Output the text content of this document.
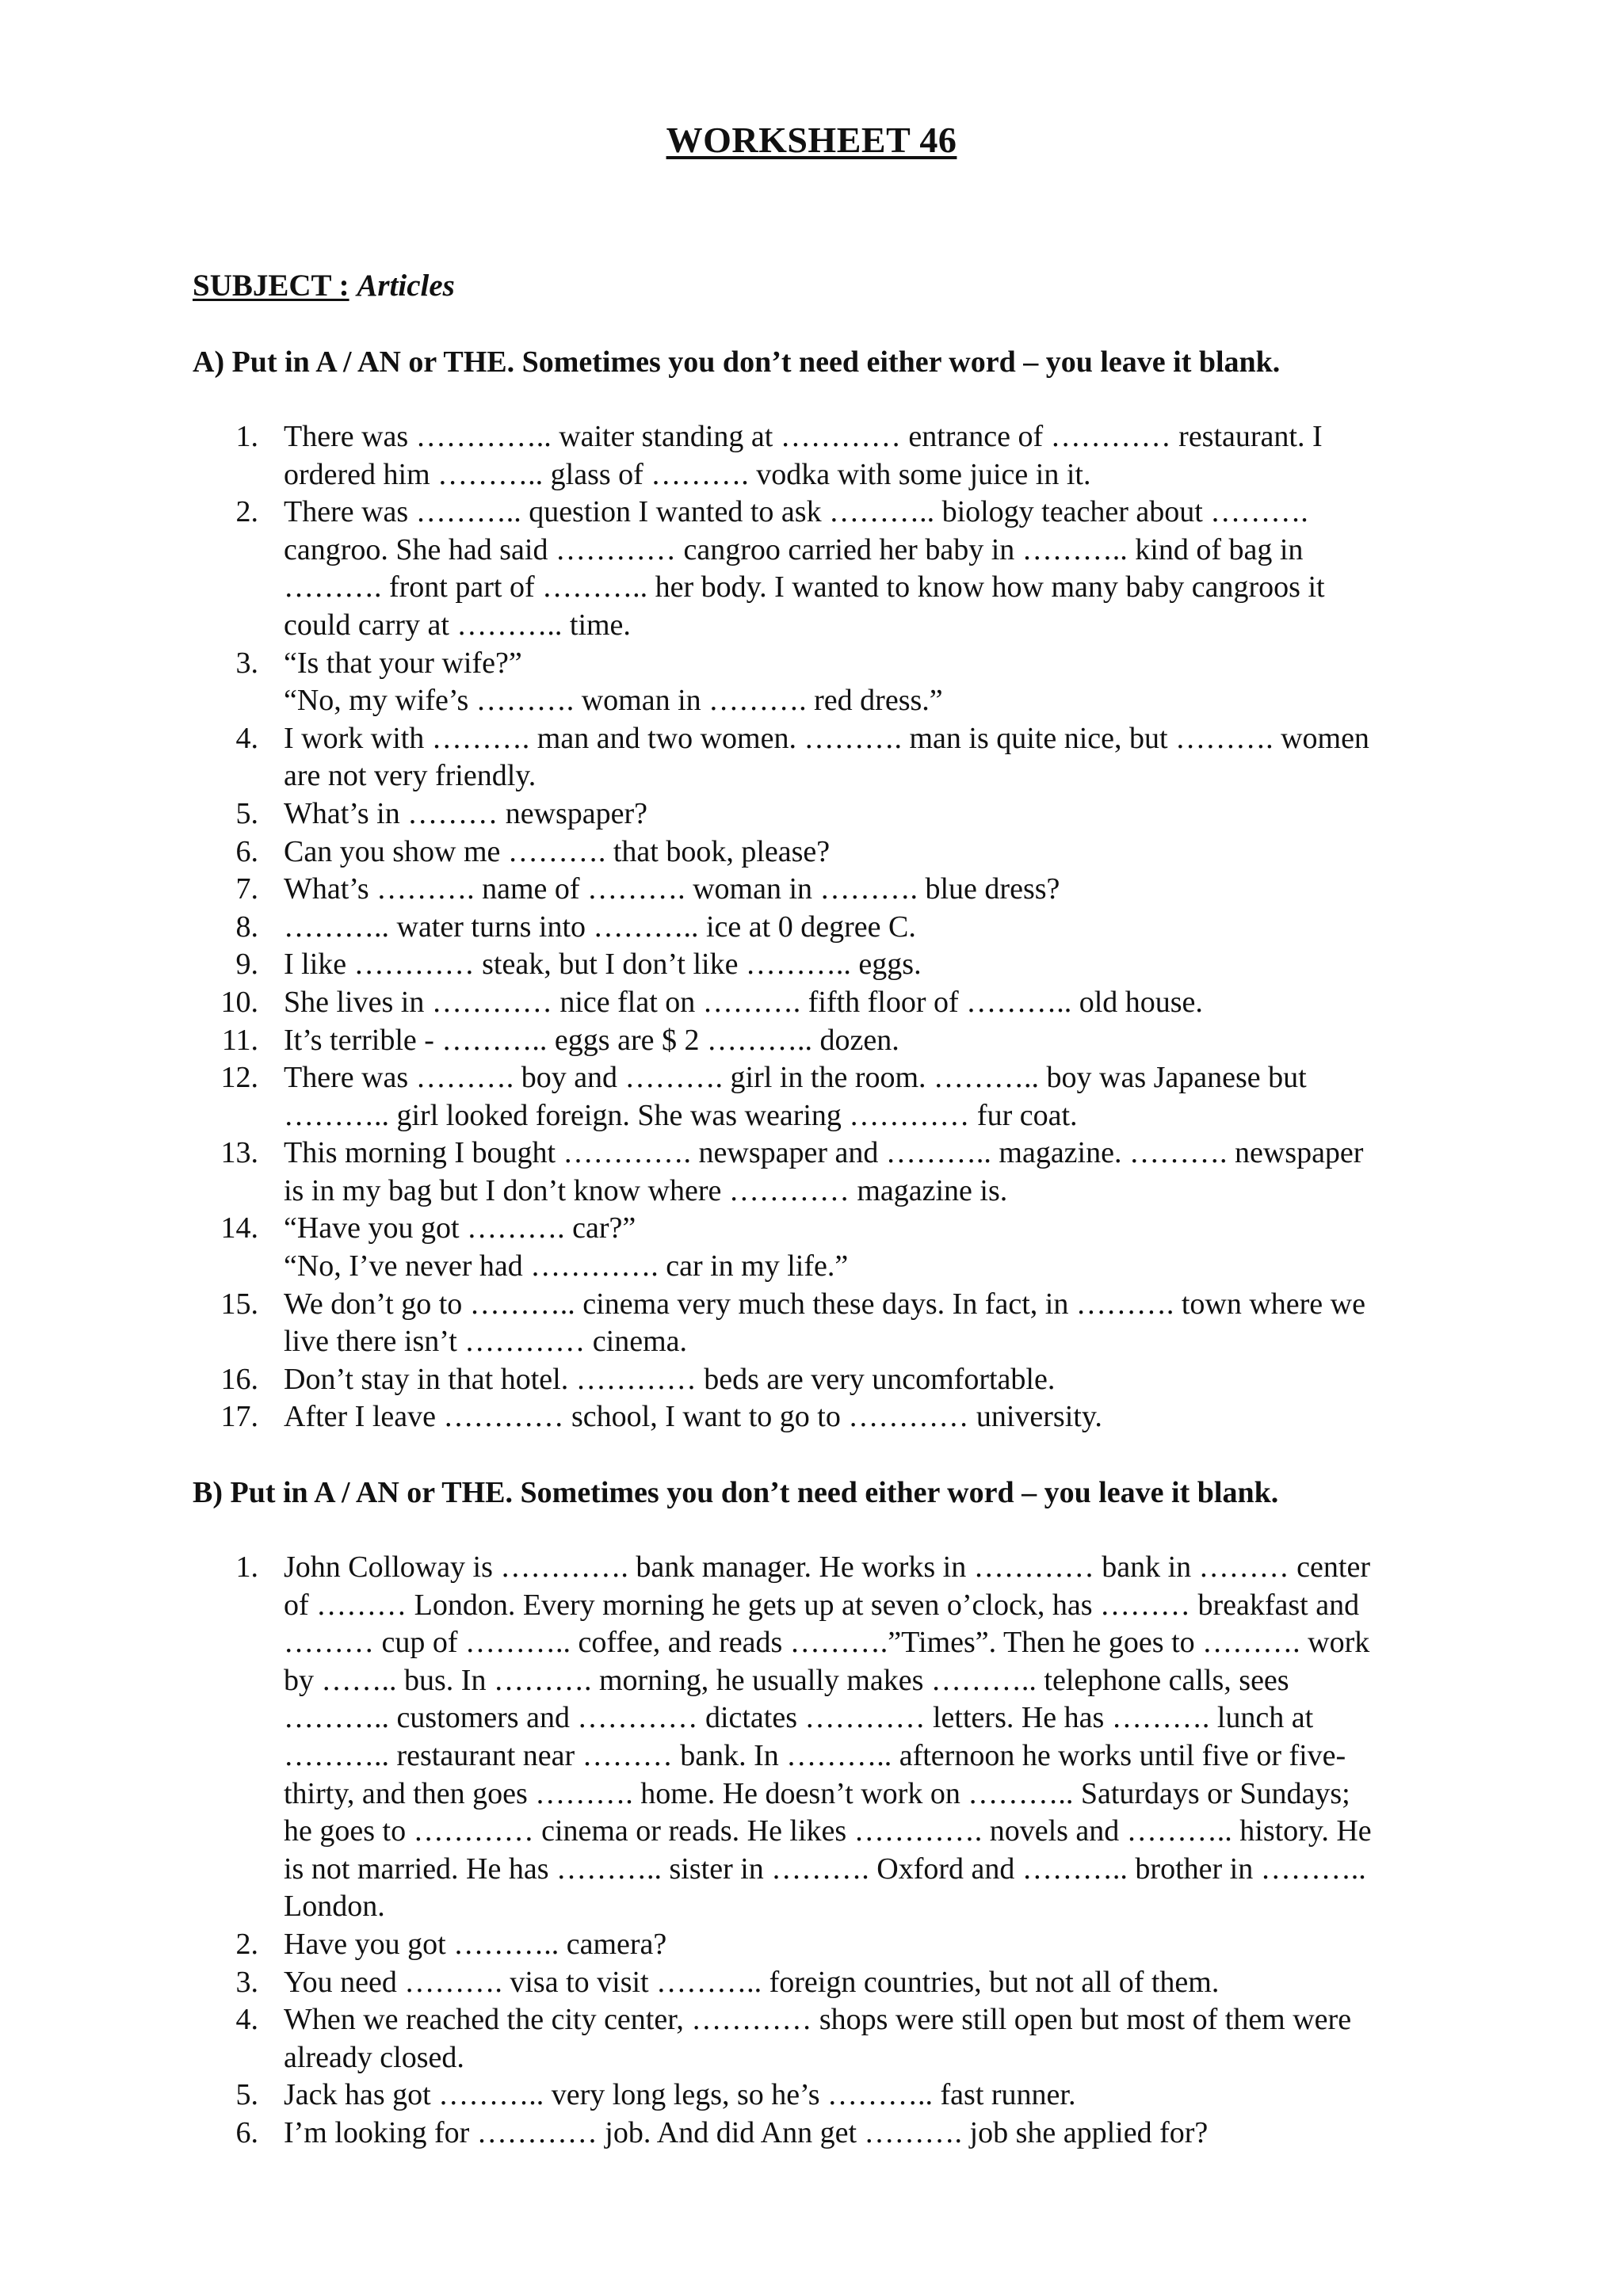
WORKSHEET 46
SUBJECT : Articles
A) Put in A / AN or THE. Sometimes you don’t need either word – you leave it blank.
1. There was ………….. waiter standing at ………… entrance of ………… restaurant. I
ordered him ……….. glass of ………. vodka with some juice in it.
2. There was ……….. question I wanted to ask ……….. biology teacher about ……….
cangroo. She had said ………… cangroo carried her baby in ……….. kind of bag in
………. front part of ……….. her body. I wanted to know how many baby cangroos it
could carry at ……….. time.
3. “Is that your wife?”
“No, my wife’s ………. woman in ………. red dress.”
4. I work with ………. man and two women. ………. man is quite nice, but ………. women
are not very friendly.
5. What’s in ……… newspaper?
6. Can you show me ………. that book, please?
7. What’s ………. name of ………. woman in ………. blue dress?
8. ……….. water turns into ……….. ice at 0 degree C.
9. I like ………… steak, but I don’t like ……….. eggs.
10. She lives in ………… nice flat on ………. fifth floor of ……….. old house.
11. It’s terrible - ……….. eggs are $ 2 ……….. dozen.
12. There was ………. boy and ………. girl in the room. ……….. boy was Japanese but
……….. girl looked foreign. She was wearing ………… fur coat.
13. This morning I bought …………. newspaper and ……….. magazine. ………. newspaper
is in my bag but I don’t know where ………… magazine is.
14. “Have you got ………. car?”
“No, I’ve never had …………. car in my life.”
15. We don’t go to ……….. cinema very much these days. In fact, in ………. town where we
live there isn’t ………… cinema.
16. Don’t stay in that hotel. ………… beds are very uncomfortable.
17. After I leave ………… school, I want to go to ………… university.
B) Put in A / AN or THE. Sometimes you don’t need either word – you leave it blank.
1. John Colloway is …………. bank manager. He works in ………… bank in ……… center
of ……… London. Every morning he gets up at seven o’clock, has ……… breakfast and
……… cup of ……….. coffee, and reads ……….”Times”. Then he goes to ………. work
by …….. bus. In ………. morning, he usually makes ……….. telephone calls, sees
……….. customers and ………… dictates ………… letters. He has ………. lunch at
……….. restaurant near ……… bank. In ……….. afternoon he works until five or five-
thirty, and then goes ………. home. He doesn’t work on ……….. Saturdays or Sundays;
he goes to ………… cinema or reads. He likes …………. novels and ……….. history. He
is not married. He has ……….. sister in ………. Oxford and ……….. brother in ………..
London.
2. Have you got ……….. camera?
3. You need ………. visa to visit ……….. foreign countries, but not all of them.
4. When we reached the city center, ………… shops were still open but most of them were
already closed.
5. Jack has got ……….. very long legs, so he’s ……….. fast runner.
6. I’m looking for ………… job. And did Ann get ………. job she applied for?
